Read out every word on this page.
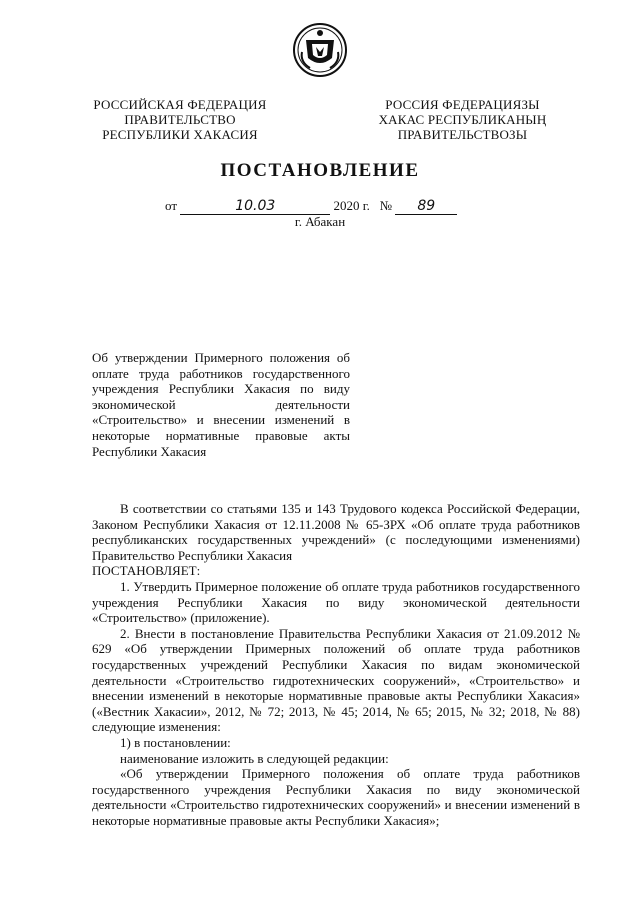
РОССИЙСКАЯ ФЕДЕРАЦИЯ
ПРАВИТЕЛЬСТВО
РЕСПУБЛИКИ ХАКАСИЯ
РОССИЯ ФЕДЕРАЦИЯЗЫ
ХАКАС РЕСПУБЛИКАНЫҢ
ПРАВИТЕЛЬСТВОЗЫ
ПОСТАНОВЛЕНИЕ
от	10.03	2020 г. № 89
г. Абакан
Об утверждении Примерного положения об оплате труда работников государственного учреждения Республики Хакасия по виду экономической деятельности «Строительство» и внесении изменений в некоторые нормативные правовые акты Республики Хакасия

В соответствии со статьями 135 и 143 Трудового кодекса Российской Федерации, Законом Республики Хакасия от 12.11.2008 № 65-ЗРХ «Об оплате труда работников республиканских государственных учреждений» (с последующими изменениями) Правительство Республики Хакасия

ПОСТАНОВЛЯЕТ:

1. Утвердить Примерное положение об оплате труда работников государственного учреждения Республики Хакасия по виду экономической деятельности «Строительство» (приложение).

2. Внести в постановление Правительства Республики Хакасия от 21.09.2012 № 629 «Об утверждении Примерных положений об оплате труда работников государственных учреждений Республики Хакасия по видам экономической деятельности «Строительство гидротехнических сооружений», «Строительство» и внесении изменений в некоторые нормативные правовые акты Республики Хакасия» («Вестник Хакасии», 2012, № 72; 2013, № 45; 2014, № 65; 2015, № 32; 2018, № 88) следующие изменения:

1) в постановлении:

наименование изложить в следующей редакции:

«Об утверждении Примерного положения об оплате труда работников государственного учреждения Республики Хакасия по виду экономической деятельности «Строительство гидротехнических сооружений» и внесении изменений в некоторые нормативные правовые акты Республики Хакасия»;
